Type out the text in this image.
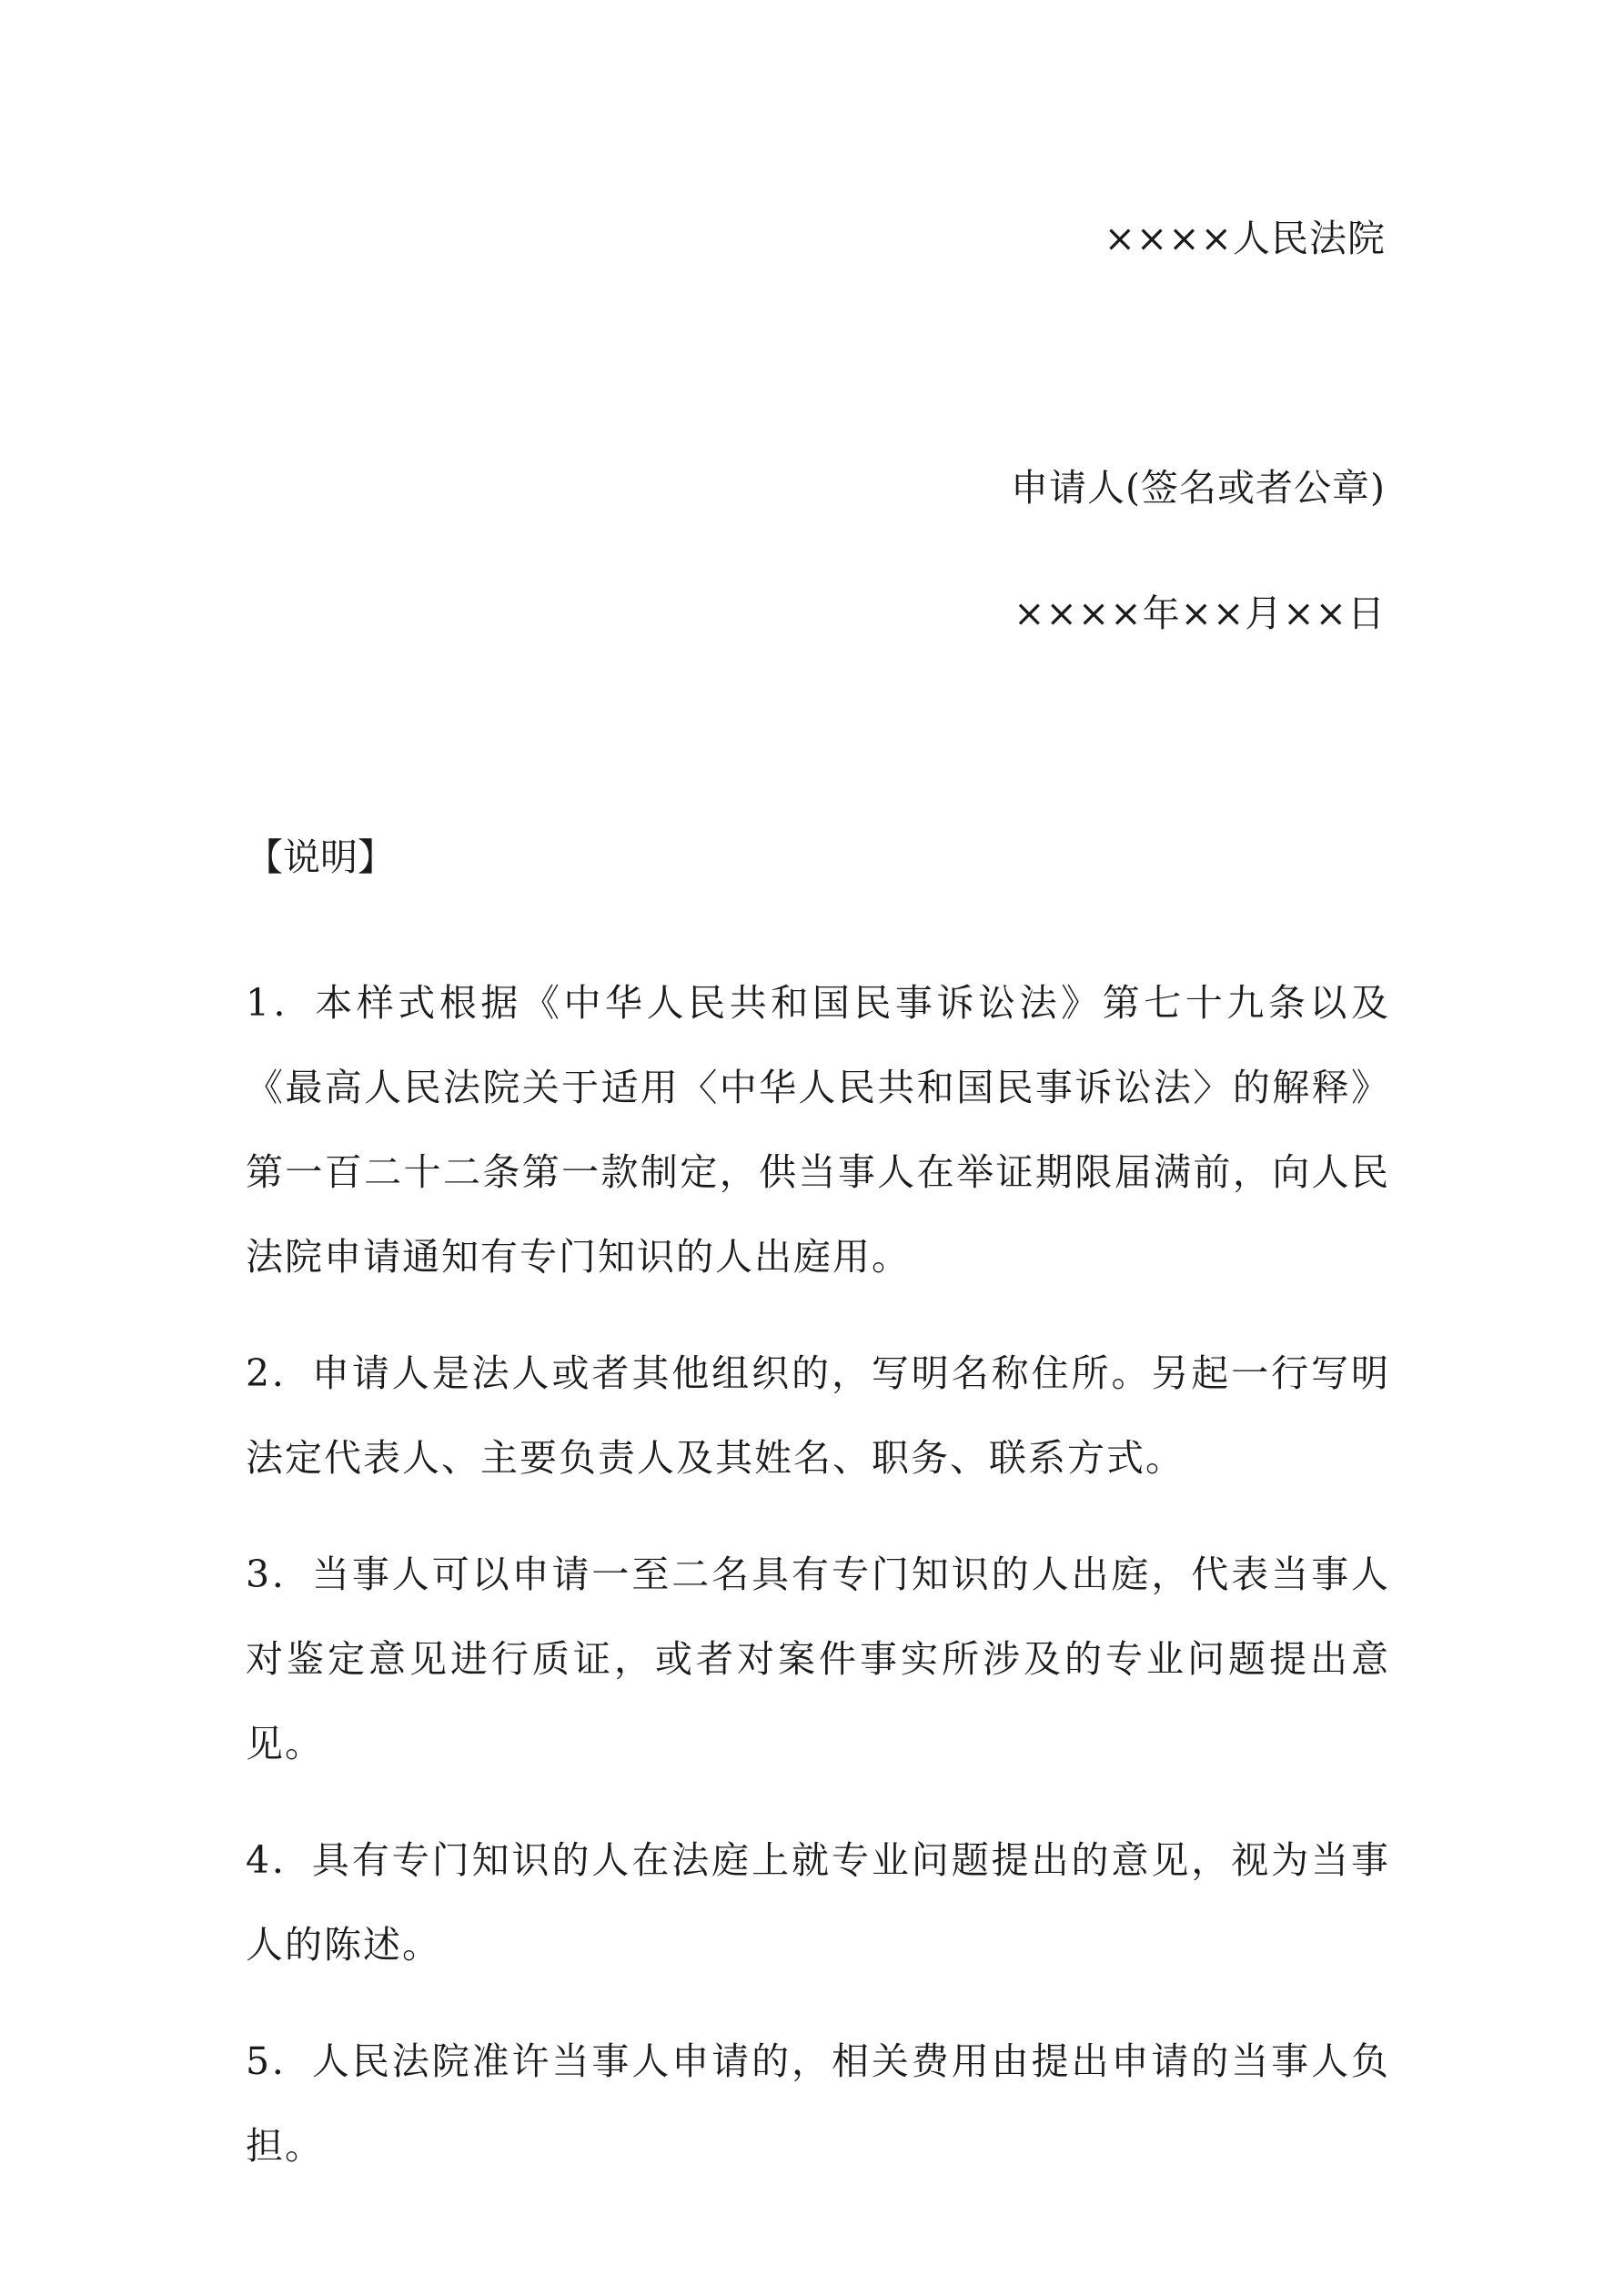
××××人民法院
申请人(签名或者公章)
××××年××月××日
【说明】

1．本样式根据《中华人民共和国民事诉讼法》第七十九条以及《最高人民法院关于适用〈中华人民共和国民事诉讼法〉的解释》第一百二十二条第一款制定，供当事人在举证期限届满前，向人民法院申请通知有专门知识的人出庭用。

2．申请人是法人或者其他组织的，写明名称住所。另起一行写明法定代表人、主要负责人及其姓名、职务、联系方式。

3．当事人可以申请一至二名具有专门知识的人出庭，代表当事人对鉴定意见进行质证，或者对案件事实所涉及的专业问题提出意见。

4．具有专门知识的人在法庭上就专业问题提出的意见，视为当事人的陈述。

5．人民法院准许当事人申请的，相关费用由提出申请的当事人负担。
